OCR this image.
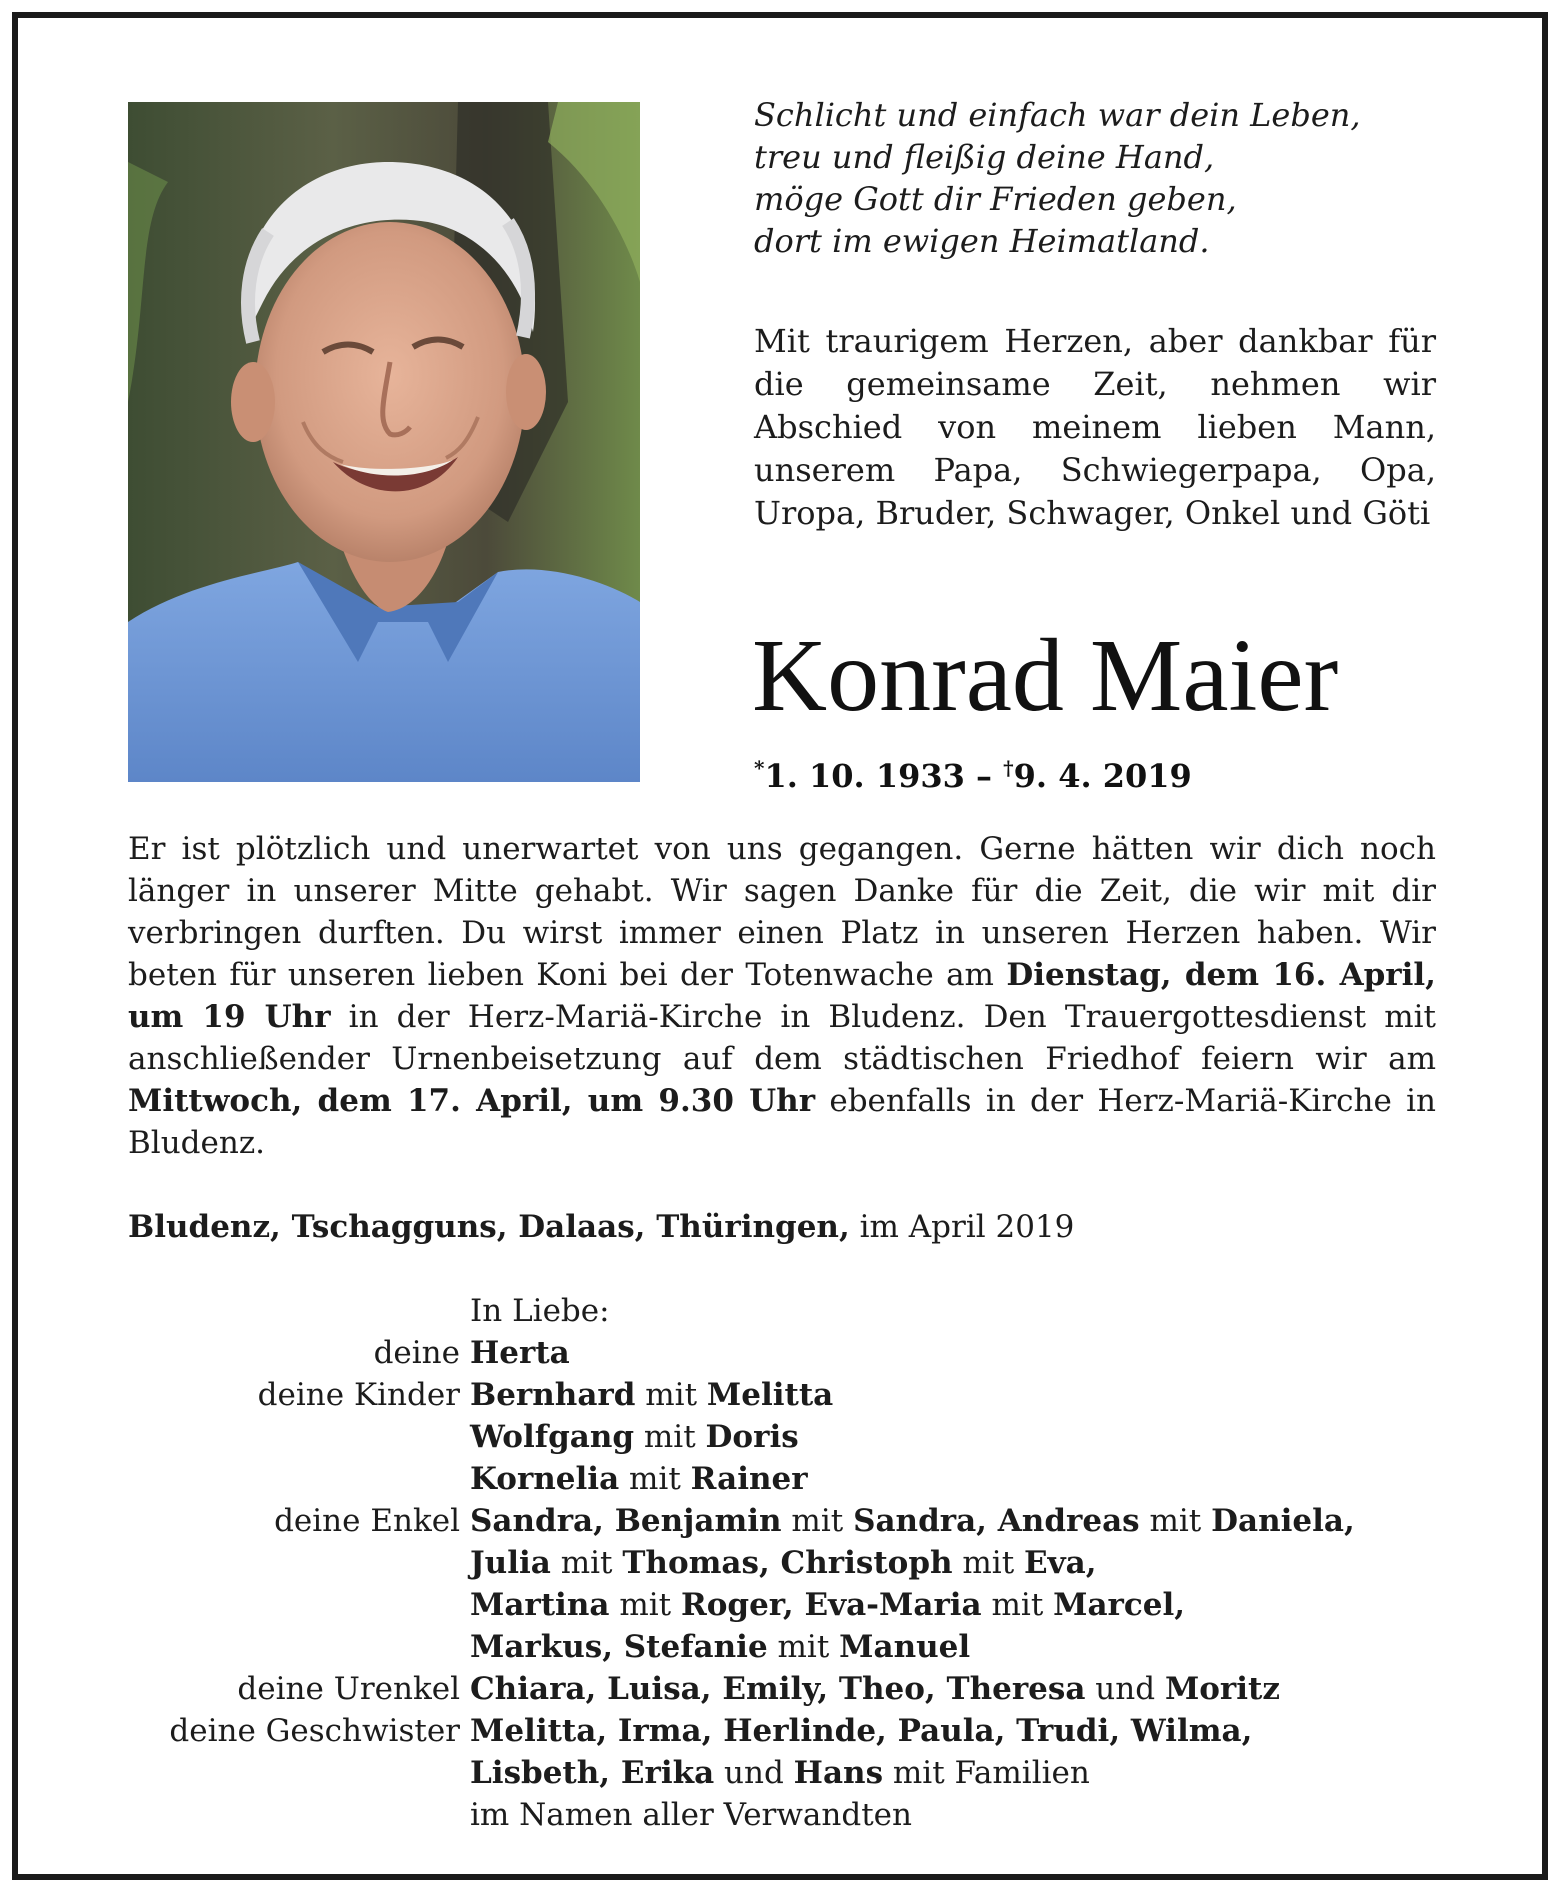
Schlicht und einfach war dein Leben,
treu und fleißig deine Hand,
möge Gott dir Frieden geben,
dort im ewigen Heimatland.
Mit traurigem Herzen, aber dankbar für die gemeinsame Zeit, nehmen wir Abschied von meinem lieben Mann, unserem Papa, Schwiegerpapa, Opa, Uropa, Bruder, Schwager, Onkel und Göti
Konrad Maier
*1. 10. 1933 – †9. 4. 2019
Er ist plötzlich und unerwartet von uns gegangen. Gerne hätten wir dich noch länger in unserer Mitte gehabt. Wir sagen Danke für die Zeit, die wir mit dir verbringen durften. Du wirst immer einen Platz in unseren Herzen haben. Wir beten für unseren lieben Koni bei der Totenwache am Dienstag, dem 16. April, um 19 Uhr in der Herz-Mariä-Kirche in Bludenz. Den Trauergottesdienst mit anschließender Urnenbeisetzung auf dem städtischen Friedhof feiern wir am Mittwoch, dem 17. April, um 9.30 Uhr ebenfalls in der Herz-Mariä-Kirche in Bludenz.
Bludenz, Tschagguns, Dalaas, Thüringen, im April 2019
In Liebe:
deine Herta
deine Kinder Bernhard mit Melitta
Wolfgang mit Doris
Kornelia mit Rainer
deine Enkel Sandra, Benjamin mit Sandra, Andreas mit Daniela,
Julia mit Thomas, Christoph mit Eva,
Martina mit Roger, Eva-Maria mit Marcel,
Markus, Stefanie mit Manuel
deine Urenkel Chiara, Luisa, Emily, Theo, Theresa und Moritz
deine Geschwister Melitta, Irma, Herlinde, Paula, Trudi, Wilma,
Lisbeth, Erika und Hans mit Familien
im Namen aller Verwandten
